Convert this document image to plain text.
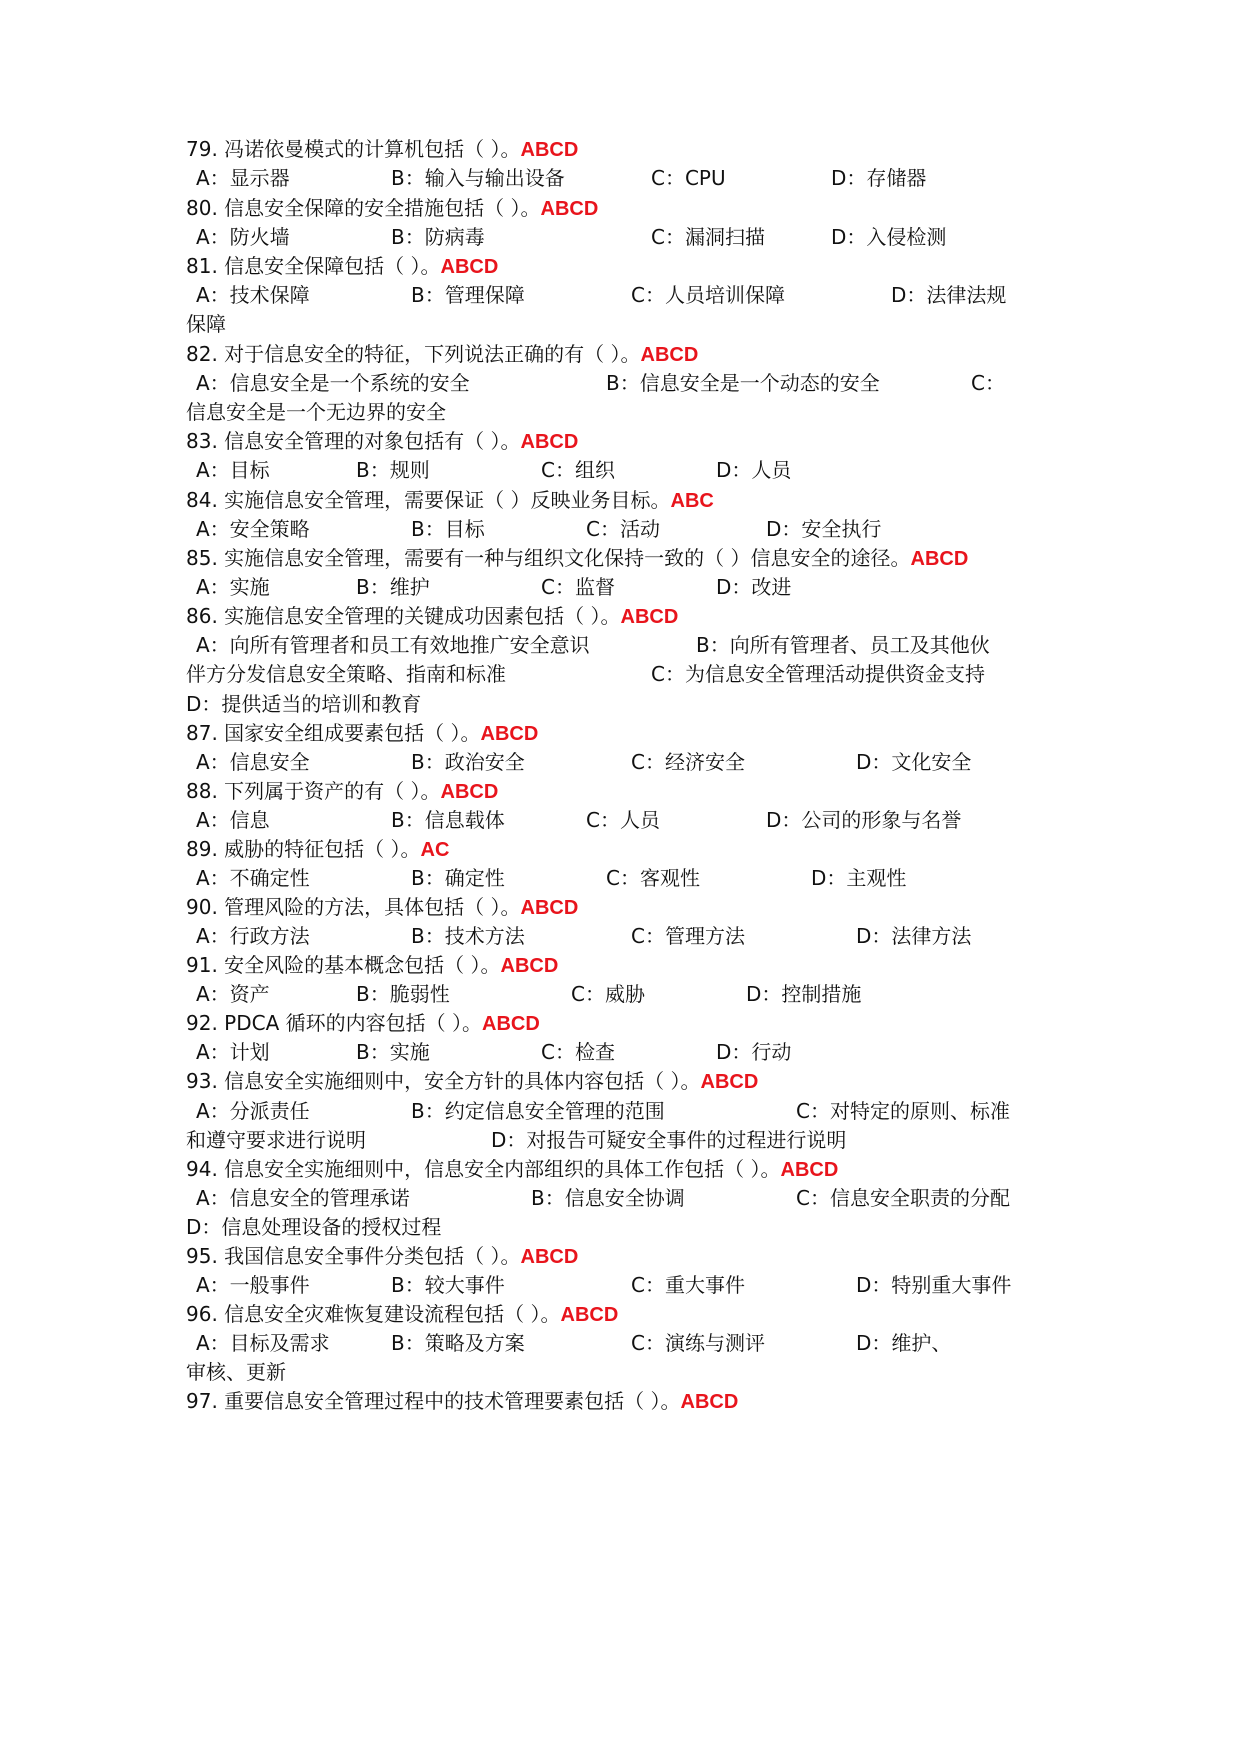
79. 冯诺依曼模式的计算机包括（ ）。ABCD
A：显示器	B：输入与输出设备	C：CPU	D：存储器
80. 信息安全保障的安全措施包括（ ）。ABCD
A：防火墙	B：防病毒	C：漏洞扫描	D：入侵检测
81. 信息安全保障包括（ ）。ABCD
A：技术保障	B：管理保障	C：人员培训保障	D：法律法规
保障
82. 对于信息安全的特征，下列说法正确的有（ ）。ABCD
A：信息安全是一个系统的安全	B：信息安全是一个动态的安全	C：
信息安全是一个无边界的安全
83. 信息安全管理的对象包括有（ ）。ABCD
A：目标	B：规则	C：组织	D：人员
84. 实施信息安全管理，需要保证（ ）反映业务目标。ABC
A：安全策略	B：目标	C：活动	D：安全执行
85. 实施信息安全管理，需要有一种与组织文化保持一致的（ ）信息安全的途径。ABCD
A：实施	B：维护	C：监督	D：改进
86. 实施信息安全管理的关键成功因素包括（ ）。ABCD
A：向所有管理者和员工有效地推广安全意识	B：向所有管理者、员工及其他伙
伴方分发信息安全策略、指南和标准	C：为信息安全管理活动提供资金支持
D：提供适当的培训和教育
87. 国家安全组成要素包括（ ）。ABCD
A：信息安全	B：政治安全	C：经济安全	D：文化安全
88. 下列属于资产的有（ ）。ABCD
A：信息	B：信息载体	C：人员	D：公司的形象与名誉
89. 威胁的特征包括（ ）。AC
A：不确定性	B：确定性	C：客观性	D：主观性
90. 管理风险的方法，具体包括（ ）。ABCD
A：行政方法	B：技术方法	C：管理方法	D：法律方法
91. 安全风险的基本概念包括（ ）。ABCD
A：资产	B：脆弱性	C：威胁	D：控制措施
92. PDCA 循环的内容包括（ ）。ABCD
A：计划	B：实施	C：检查	D：行动
93. 信息安全实施细则中，安全方针的具体内容包括（ ）。ABCD
A：分派责任	B：约定信息安全管理的范围	C：对特定的原则、标准
和遵守要求进行说明	D：对报告可疑安全事件的过程进行说明
94. 信息安全实施细则中，信息安全内部组织的具体工作包括（ ）。ABCD
A：信息安全的管理承诺	B：信息安全协调	C：信息安全职责的分配
D：信息处理设备的授权过程
95. 我国信息安全事件分类包括（ ）。ABCD
A：一般事件	B：较大事件	C：重大事件	D：特别重大事件
96. 信息安全灾难恢复建设流程包括（ ）。ABCD
A：目标及需求	B：策略及方案	C：演练与测评	D：维护、
审核、更新
97. 重要信息安全管理过程中的技术管理要素包括（ ）。ABCD
